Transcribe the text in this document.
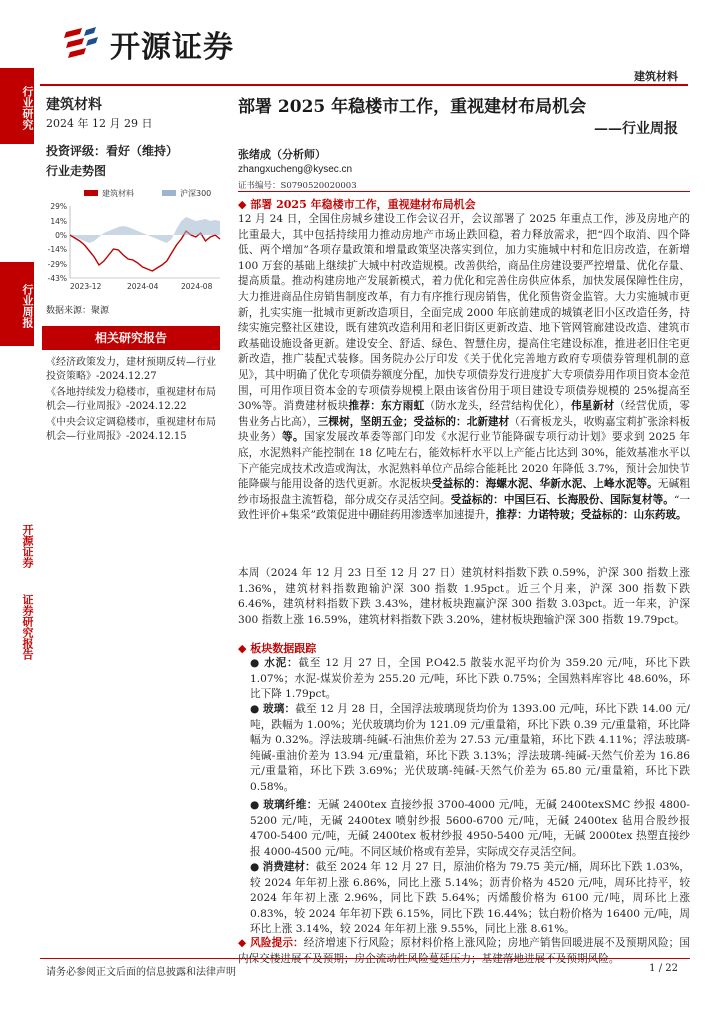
开源证券
建筑材料
行业研究
行业周报
开源证券
证券研究报告
建筑材料
2024 年 12 月 29 日
投资评级：看好（维持）
行业走势图
建筑材料	沪深300
29%
14%
0%
-14%
-29%
-43%
2023-12	2024-04	2024-08
数据来源：聚源
相关研究报告
《经济政策发力，建材预期反转—行业投资策略》-2024.12.27
《各地持续发力稳楼市，重视建材布局机会—行业周报》-2024.12.22
《中央会议定调稳楼市，重视建材布局机会—行业周报》-2024.12.15
部署 2025 年稳楼市工作，重视建材布局机会
——行业周报
张绪成（分析师）
zhangxucheng@kysec.cn
证书编号：S0790520020003
◆ 部署 2025 年稳楼市工作，重视建材布局机会
12 月 24 日，全国住房城乡建设工作会议召开，会议部署了 2025 年重点工作，涉及房地产的比重最大，其中包括持续用力推动房地产市场止跌回稳，着力释放需求，把“四个取消、四个降低、两个增加”各项存量政策和增量政策坚决落实到位，加力实施城中村和危旧房改造，在新增 100 万套的基础上继续扩大城中村改造规模。改善供给，商品住房建设要严控增量、优化存量、提高质量。推动构建房地产发展新模式，着力优化和完善住房供应体系，加快发展保障性住房，大力推进商品住房销售制度改革，有力有序推行现房销售，优化预售资金监管。大力实施城市更新，扎实实施一批城市更新改造项目，全面完成 2000 年底前建成的城镇老旧小区改造任务，持续实施完整社区建设，既有建筑改造利用和老旧街区更新改造、地下管网管廊建设改造、建筑市政基础设施设备更新。建设安全、舒适、绿色、智慧住房，提高住宅建设标准，推进老旧住宅更新改造，推广装配式装修。国务院办公厅印发《关于优化完善地方政府专项债券管理机制的意见》，其中明确了优化专项债券额度分配，加快专项债券发行进度扩大专项债券用作项目资本金范围，可用作项目资本金的专项债券规模上限由该省份用于项目建设专项债券规模的 25%提高至 30%等。消费建材板块推荐：东方雨虹（防水龙头，经营结构优化），伟星新材（经营优质，零售业务占比高），三棵树，坚朗五金；受益标的：北新建材（石膏板龙头，收购嘉宝莉扩张涂料板块业务）等。国家发展改革委等部门印发《水泥行业节能降碳专项行动计划》要求到 2025 年底，水泥熟料产能控制在 18 亿吨左右，能效标杆水平以上产能占比达到 30%，能效基准水平以下产能完成技术改造或淘汰，水泥熟料单位产品综合能耗比 2020 年降低 3.7%，预计会加快节能降碳与能用设备的迭代更新。水泥板块受益标的：海螺水泥、华新水泥、上峰水泥等。无碱粗纱市场报盘主流暂稳，部分成交存灵活空间。受益标的：中国巨石、长海股份、国际复材等。“一致性评价+集采”政策促进中硼硅药用渗透率加速提升，推荐：力诺特玻；受益标的：山东药玻。
本周（2024 年 12 月 23 日至 12 月 27 日）建筑材料指数下跌 0.59%，沪深 300 指数上涨 1.36%，建筑材料指数跑输沪深 300 指数 1.95pct。近三个月来，沪深 300 指数下跌 6.46%，建筑材料指数下跌 3.43%，建材板块跑赢沪深 300 指数 3.03pct。近一年来，沪深 300 指数上涨 16.59%，建筑材料指数下跌 3.20%，建材板块跑输沪深 300 指数 19.79pct。
◆ 板块数据跟踪
● 水泥：截至 12 月 27 日，全国 P.O42.5 散装水泥平均价为 359.20 元/吨，环比下跌 1.07%；水泥-煤炭价差为 255.20 元/吨，环比下跌 0.75%；全国熟料库容比 48.60%，环比下降 1.79pct。
● 玻璃：截至 12 月 28 日，全国浮法玻璃现货均价为 1393.00 元/吨，环比下跌 14.00 元/吨，跌幅为 1.00%；光伏玻璃均价为 121.09 元/重量箱，环比下跌 0.39 元/重量箱，环比降幅为 0.32%。浮法玻璃-纯碱-石油焦价差为 27.53 元/重量箱，环比下跌 4.11%；浮法玻璃-纯碱-重油价差为 13.94 元/重量箱，环比下跌 3.13%；浮法玻璃-纯碱-天然气价差为 16.86 元/重量箱，环比下跌 3.69%；光伏玻璃-纯碱-天然气价差为 65.80 元/重量箱，环比下跌 0.58%。
● 玻璃纤维：无碱 2400tex 直接纱报 3700-4000 元/吨，无碱 2400texSMC 纱报 4800-5200 元/吨，无碱 2400tex 喷射纱报 5600-6700 元/吨，无碱 2400tex 毡用合股纱报 4700-5400 元/吨，无碱 2400tex 板材纱报 4950-5400 元/吨，无碱 2000tex 热塑直接纱报 4000-4500 元/吨。不同区域价格或有差异，实际成交存灵活空间。
● 消费建材：截至 2024 年 12 月 27 日，原油价格为 79.75 美元/桶，周环比下跌 1.03%，较 2024 年年初上涨 6.86%，同比上涨 5.14%；沥青价格为 4520 元/吨，周环比持平，较 2024 年年初上涨 2.96%，同比下跌 5.64%；丙烯酸价格为 6100 元/吨，周环比上涨 0.83%，较 2024 年年初下跌 6.15%，同比下跌 16.44%；钛白粉价格为 16400 元/吨，周环比上涨 3.14%，较 2024 年年初上涨 9.55%，同比上涨 8.61%。
◆ 风险提示：经济增速下行风险；原材料价格上涨风险；房地产销售回暖进展不及预期风险；国
请务必参阅正文后面的信息披露和法律声明	1 / 22
